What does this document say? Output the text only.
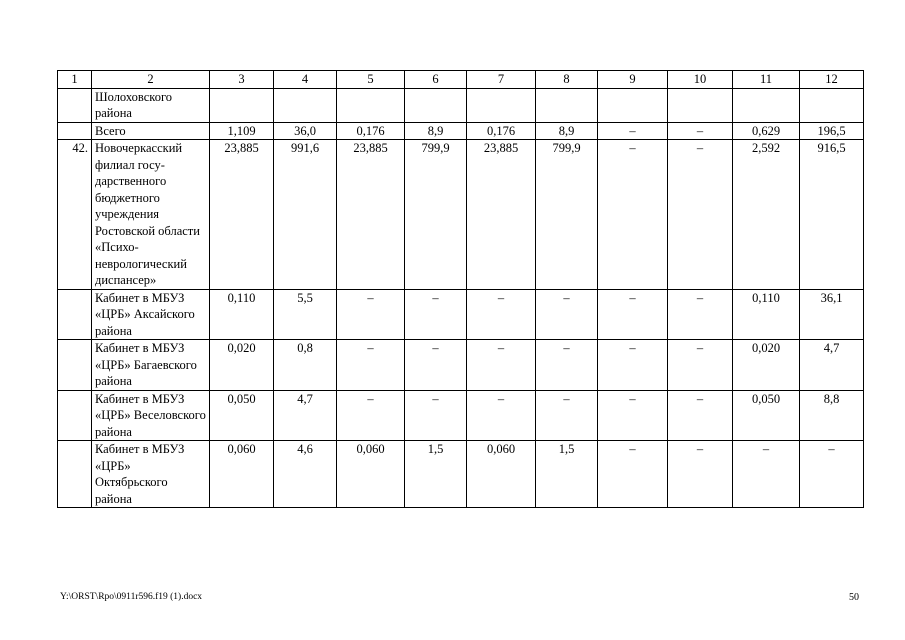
1	2	3	4	5	6	7	8	9	10	11	12
	Шолоховского района										
	Всего	1,109	36,0	0,176	8,9	0,176	8,9	–	–	0,629	196,5
42.	Новочеркасский филиал госу-дарственного бюджетного учреждения Ростовской области «Психо-неврологический диспансер»	23,885	991,6	23,885	799,9	23,885	799,9	–	–	2,592	916,5
	Кабинет в МБУЗ «ЦРБ» Аксайского района	0,110	5,5	–	–	–	–	–	–	0,110	36,1
	Кабинет в МБУЗ «ЦРБ» Багаевского района	0,020	0,8	–	–	–	–	–	–	0,020	4,7
	Кабинет в МБУЗ «ЦРБ» Веселовского района	0,050	4,7	–	–	–	–	–	–	0,050	8,8
	Кабинет в МБУЗ «ЦРБ» Октябрьского района	0,060	4,6	0,060	1,5	0,060	1,5	–	–	–	–
Y:\ORST\Rpo\0911r596.f19 (1).docx	50
